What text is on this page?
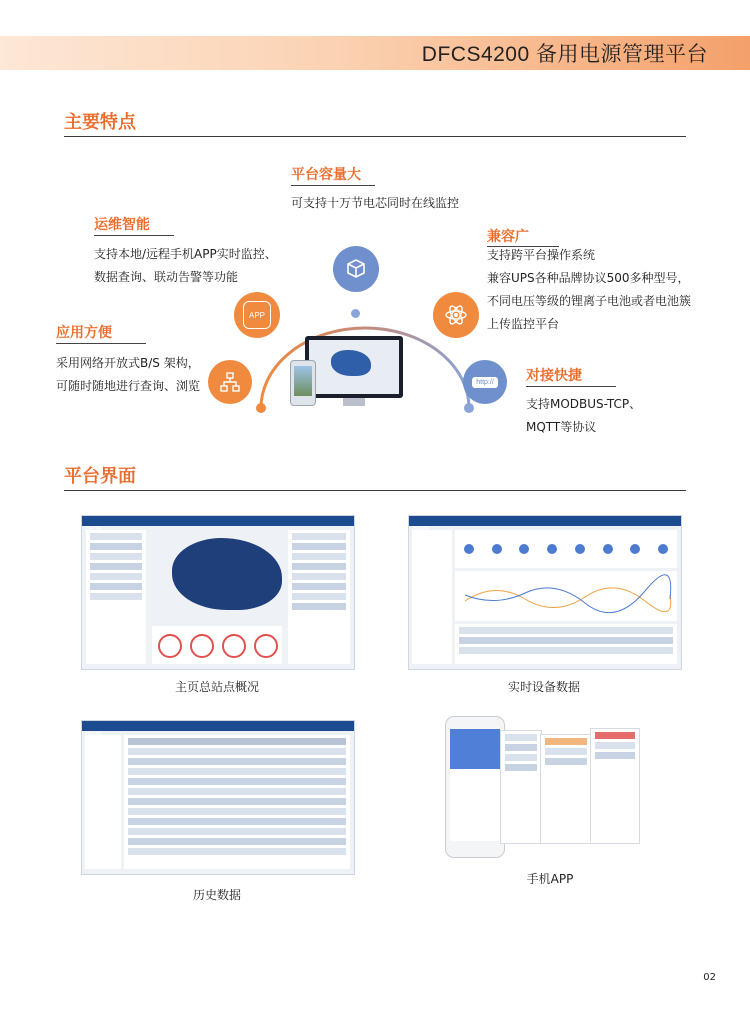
DFCS4200 备用电源管理平台
主要特点
平台容量大
可支持十万节电芯同时在线监控
运维智能
支持本地/远程手机APP实时监控、
数据查询、联动告警等功能
兼容广
支持跨平台操作系统
兼容UPS各种品牌协议500多种型号，
不同电压等级的锂离子电池或者电池簇
上传监控平台
应用方便
采用网络开放式B/S 架构，
可随时随地进行查询、浏览
对接快捷
支持MODBUS-TCP、
MQTT等协议
APP
http://
平台界面
主页总站点概况	实时设备数据
历史数据
手机APP
02
